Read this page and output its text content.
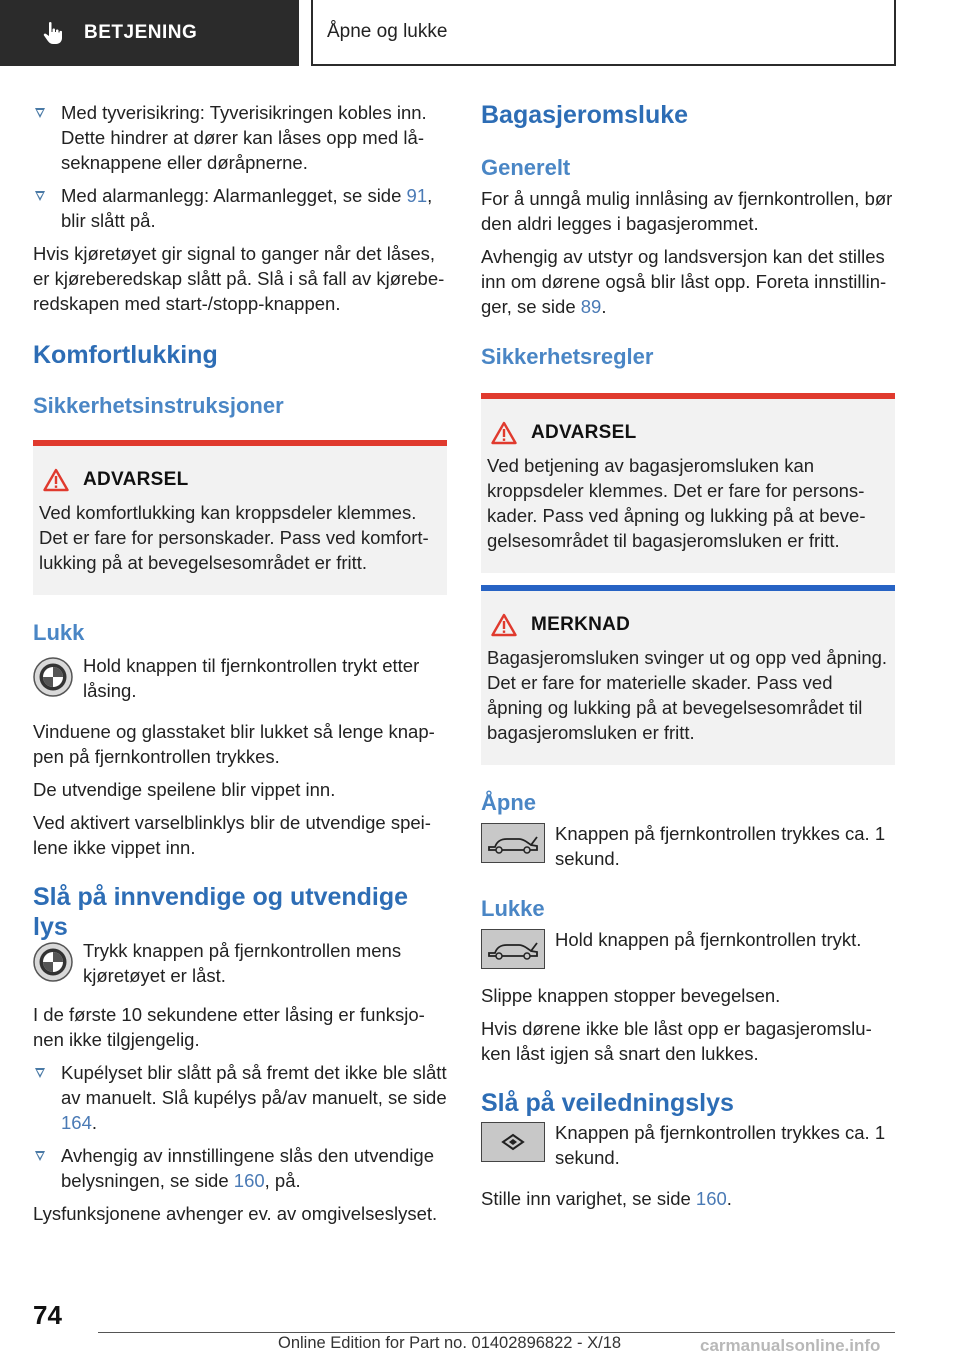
BETJENING	Åpne og lukke
Med tyverisikring: Tyverisikringen kobles inn. Dette hindrer at dører kan låses opp med låseknappene eller døråpnerne.
Med alarmanlegg: Alarmanlegget, se side 91, blir slått på.

Hvis kjøretøyet gir signal to ganger når det låses, er kjøreberedskap slått på. Slå i så fall av kjøreberedskapen med start-/stopp-knappen.

Komfortlukking
Sikkerhetsinstruksjoner
ADVARSEL
Ved komfortlukking kan kroppsdeler klemmes. Det er fare for personskader. Pass ved komfortlukking på at bevegelsesområdet er fritt.
Lukk
Hold knappen til fjernkontrollen trykt etter låsing.

Vinduene og glasstaket blir lukket så lenge knappen på fjernkontrollen trykkes.

De utvendige speilene blir vippet inn.

Ved aktivert varselblinklys blir de utvendige speilene ikke vippet inn.

Slå på innvendige og utvendige lys
Trykk knappen på fjernkontrollen mens kjøretøyet er låst.

I de første 10 sekundene etter låsing er funksjonen ikke tilgjengelig.

Kupélyset blir slått på så fremt det ikke ble slått av manuelt. Slå kupélys på/av manuelt, se side 164.
Avhengig av innstillingene slås den utvendige belysningen, se side 160, på.

Lysfunksjonene avhenger ev. av omgivelseslyset.

Bagasjeromsluke
Generelt

For å unngå mulig innlåsing av fjernkontrollen, bør den aldri legges i bagasjerommet.

Avhengig av utstyr og landsversjon kan det stilles inn om dørene også blir låst opp. Foreta innstillinger, se side 89.

Sikkerhetsregler
ADVARSEL
Ved betjening av bagasjeromsluken kan kroppsdeler klemmes. Det er fare for personskader. Pass ved åpning og lukking på at bevegelsesområdet til bagasjeromsluken er fritt.
MERKNAD
Bagasjeromsluken svinger ut og opp ved åpning. Det er fare for materielle skader. Pass ved åpning og lukking på at bevegelsesområdet til bagasjeromsluken er fritt.
Åpne
Knappen på fjernkontrollen trykkes ca. 1 sekund.
Lukke
Hold knappen på fjernkontrollen trykt.

Slippe knappen stopper bevegelsen.

Hvis dørene ikke ble låst opp er bagasjeromsluken låst igjen så snart den lukkes.

Slå på veiledningslys
Knappen på fjernkontrollen trykkes ca. 1 sekund.

Stille inn varighet, se side 160.

74
Online Edition for Part no. 01402896822 - X/18	carmanualsonline.info
